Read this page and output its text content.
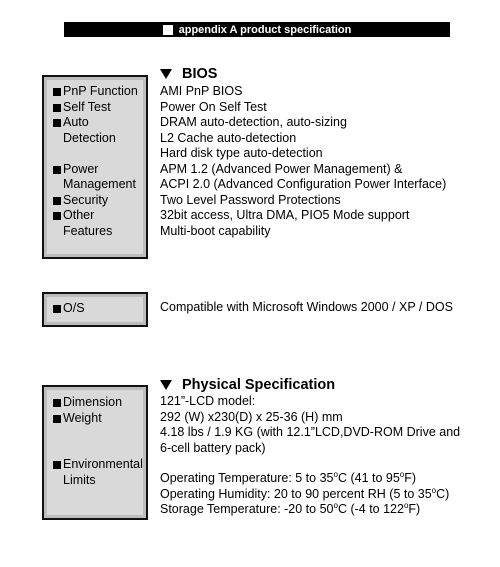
appendix A product specification
BIOS
PnP Function
Self Test
Auto
Detection
Power
Management
Security
Other
Features
AMI PnP BIOS
Power On Self Test
DRAM auto-detection, auto-sizing
L2 Cache auto-detection
Hard disk type auto-detection
APM 1.2 (Advanced Power Management) &
ACPI 2.0 (Advanced Configuration Power Interface)
Two Level Password Protections
32bit access, Ultra DMA, PIO5 Mode support
Multi-boot capability
O/S	Compatible with Microsoft Windows 2000 / XP / DOS
Physical Specification
Dimension
Weight
Environmental
Limits
121”-LCD model:
292 (W) x230(D) x 25-36 (H) mm
4.18 lbs / 1.9 KG (with 12.1”LCD,DVD-ROM Drive and
6-cell battery pack)
Operating Temperature: 5 to 35$^o$C (41 to 95$^o$F)
Operating Humidity: 20 to 90 percent RH (5 to 35$^o$C)
Storage Temperature: -20 to 50$^o$C (-4 to 122$^o$F)
